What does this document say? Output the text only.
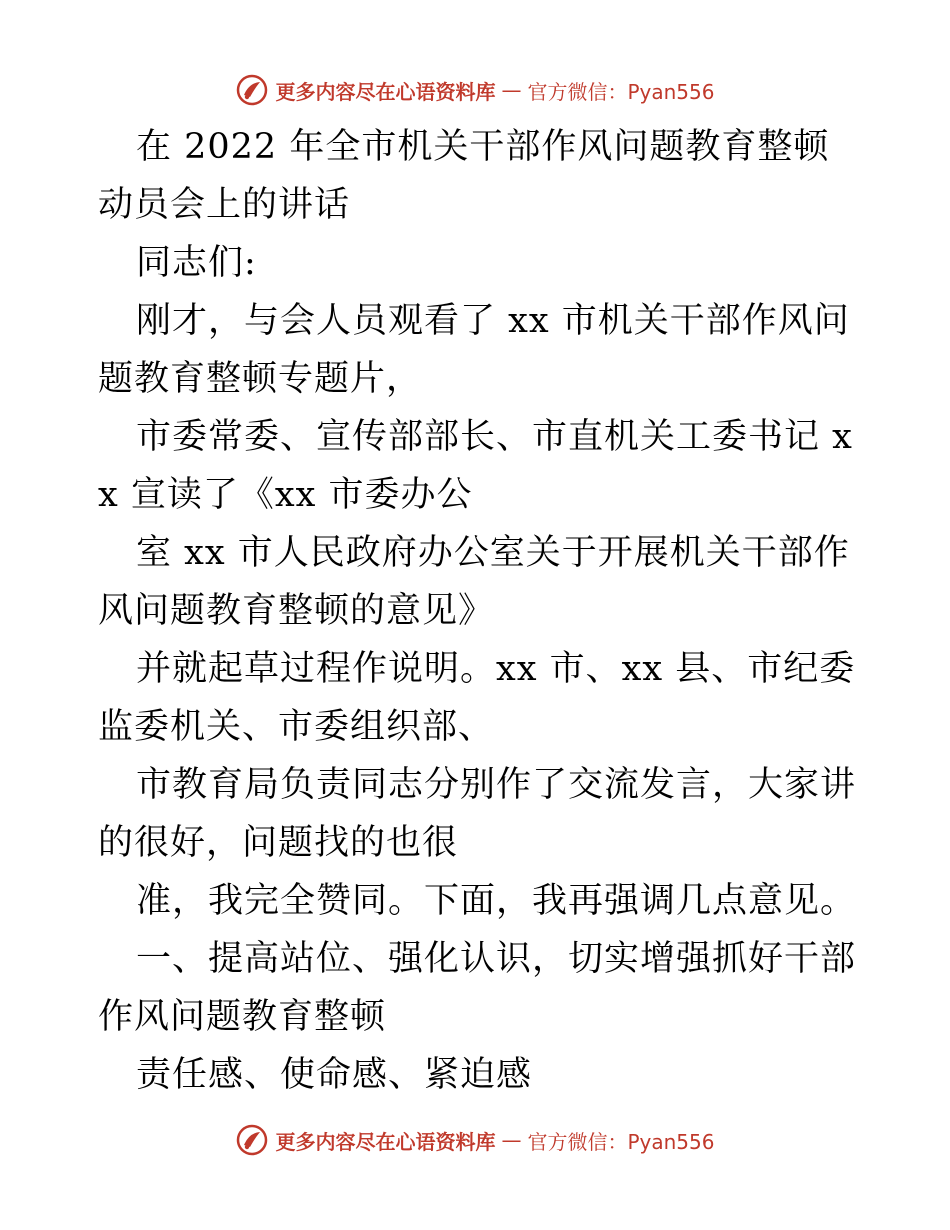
更多内容尽在心语资料库 — 官方微信：Pyan556

在 2022 年全市机关干部作风问题教育整顿动员会上的讲话

同志们:

刚才，与会人员观看了 xx 市机关干部作风问题教育整顿专题片，

市委常委、宣传部部长、市直机关工委书记 xx 宣读了《xx 市委办公

室 xx 市人民政府办公室关于开展机关干部作风问题教育整顿的意见》

并就起草过程作说明。xx 市、xx 县、市纪委监委机关、市委组织部、

市教育局负责同志分别作了交流发言，大家讲的很好，问题找的也很

准，我完全赞同。下面，我再强调几点意见。

一、提高站位、强化认识，切实增强抓好干部作风问题教育整顿

责任感、使命感、紧迫感

更多内容尽在心语资料库 — 官方微信：Pyan556
